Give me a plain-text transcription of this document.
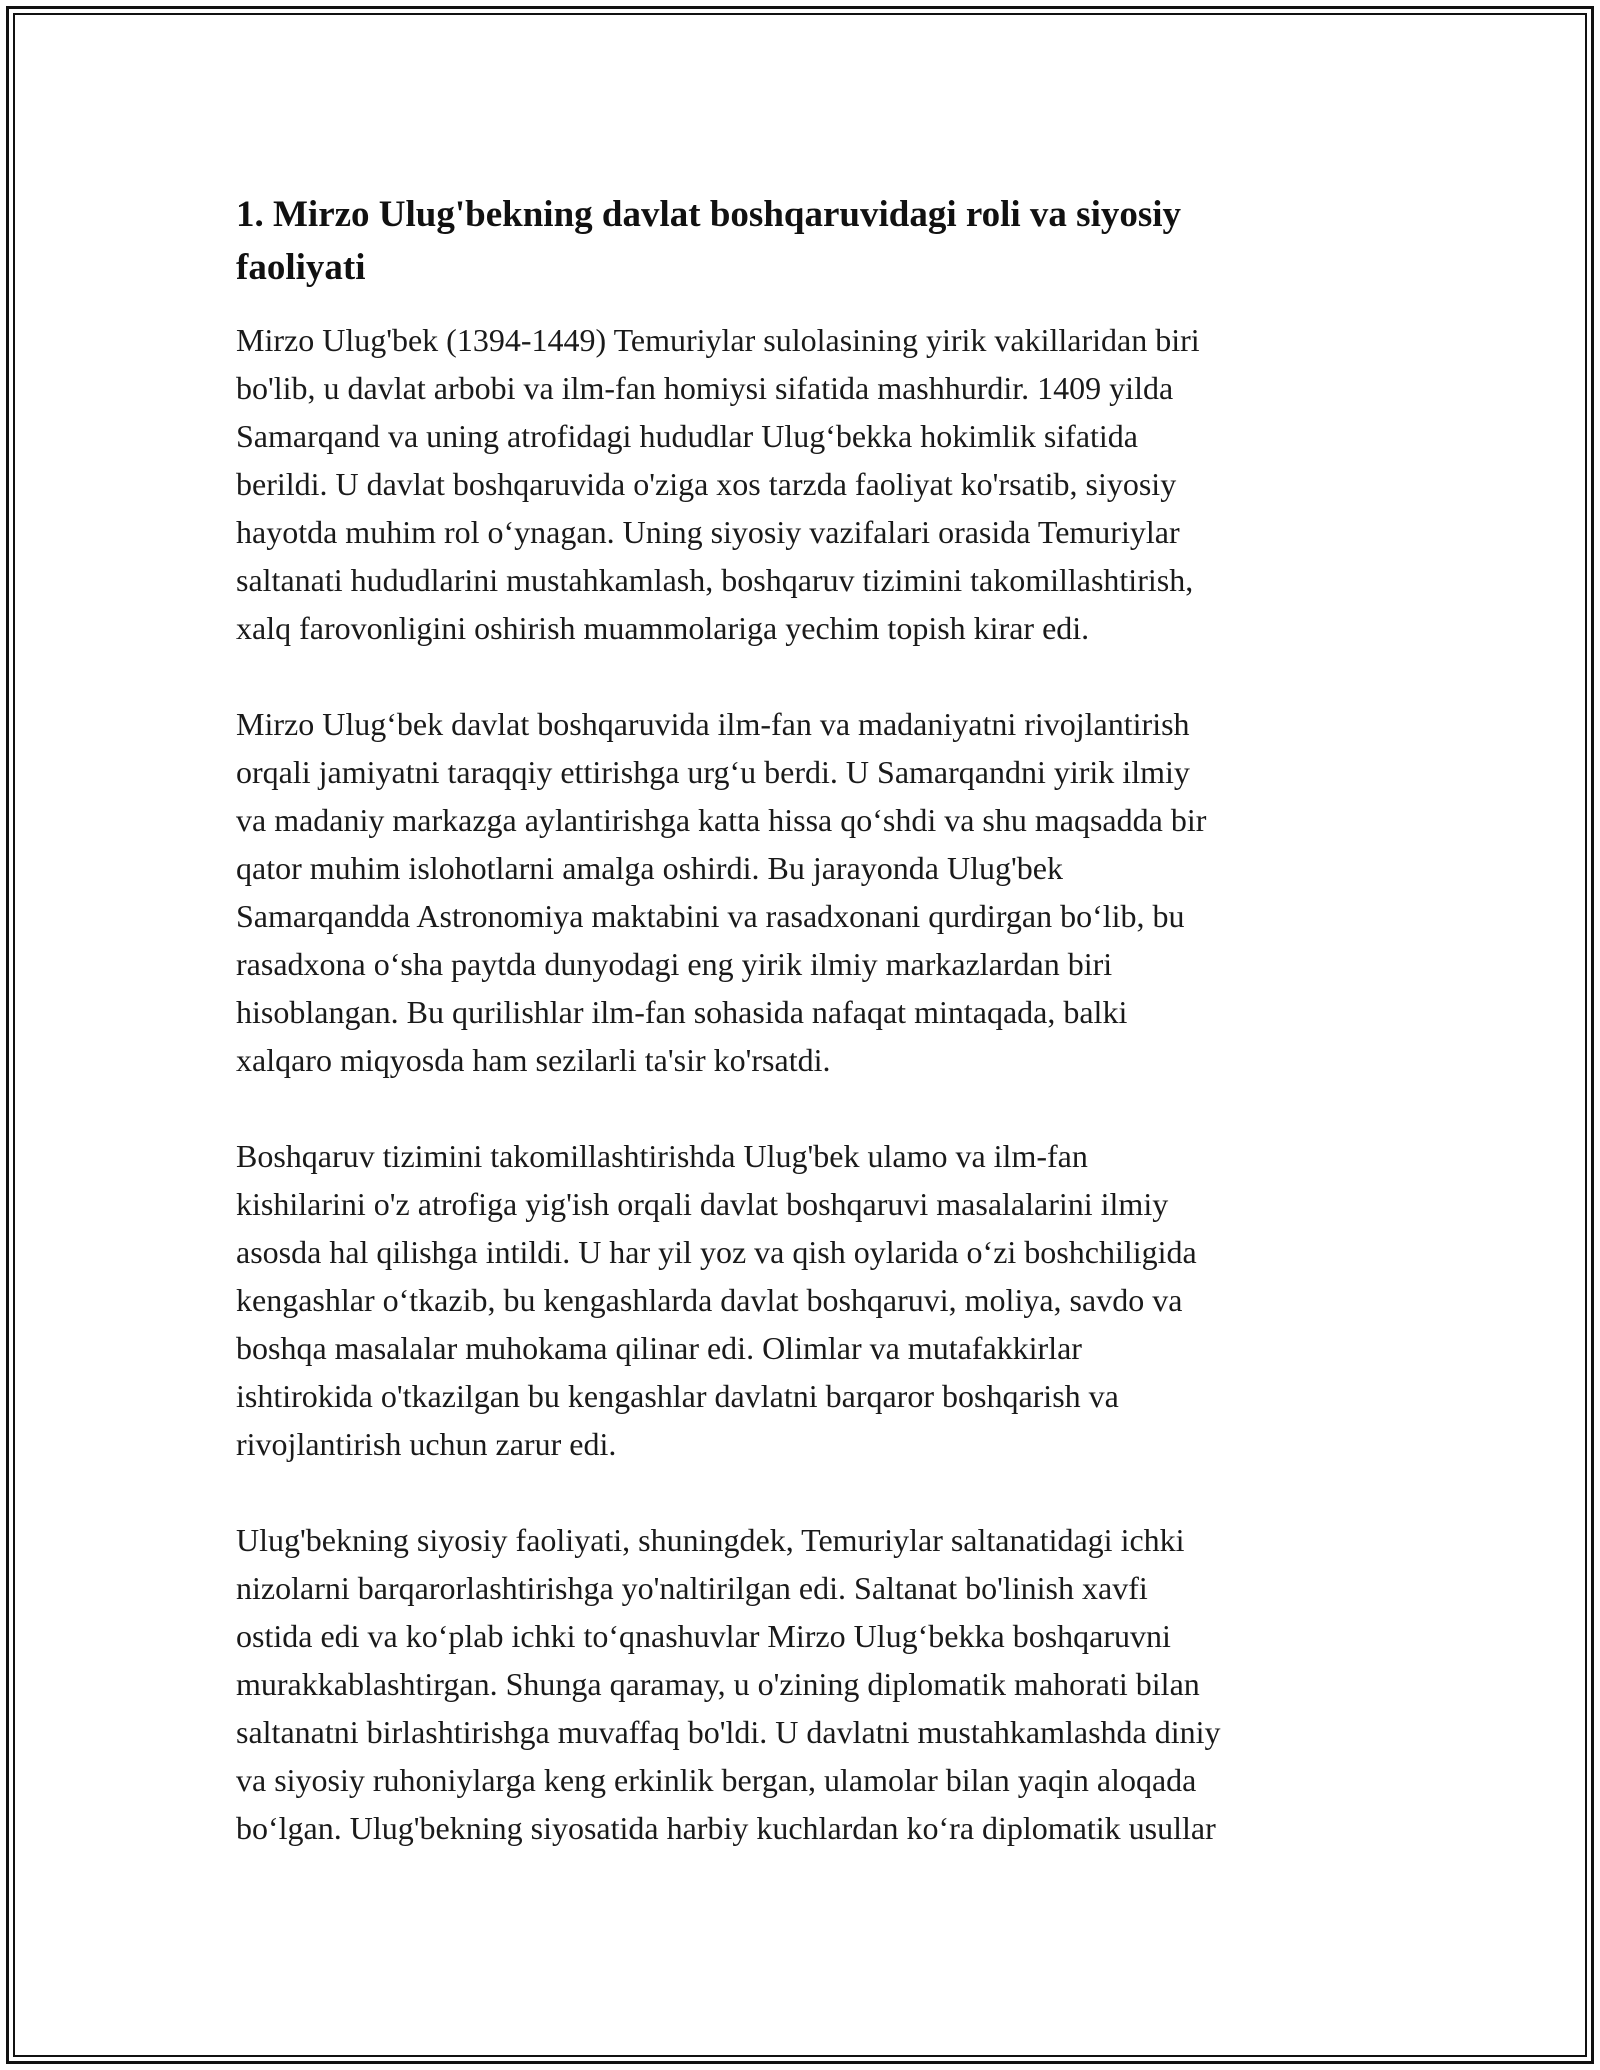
1. Mirzo Ulug'bekning davlat boshqaruvidagi roli va siyosiy
faoliyati

Mirzo Ulug'bek (1394-1449) Temuriylar sulolasining yirik vakillaridan biri
bo'lib, u davlat arbobi va ilm-fan homiysi sifatida mashhurdir. 1409 yilda
Samarqand va uning atrofidagi hududlar Ulug‘bekka hokimlik sifatida
berildi. U davlat boshqaruvida o'ziga xos tarzda faoliyat ko'rsatib, siyosiy
hayotda muhim rol o‘ynagan. Uning siyosiy vazifalari orasida Temuriylar
saltanati hududlarini mustahkamlash, boshqaruv tizimini takomillashtirish,
xalq farovonligini oshirish muammolariga yechim topish kirar edi.

Mirzo Ulug‘bek davlat boshqaruvida ilm-fan va madaniyatni rivojlantirish
orqali jamiyatni taraqqiy ettirishga urg‘u berdi. U Samarqandni yirik ilmiy
va madaniy markazga aylantirishga katta hissa qo‘shdi va shu maqsadda bir
qator muhim islohotlarni amalga oshirdi. Bu jarayonda Ulug'bek
Samarqandda Astronomiya maktabini va rasadxonani qurdirgan bo‘lib, bu
rasadxona o‘sha paytda dunyodagi eng yirik ilmiy markazlardan biri
hisoblangan. Bu qurilishlar ilm-fan sohasida nafaqat mintaqada, balki
xalqaro miqyosda ham sezilarli ta'sir ko'rsatdi.

Boshqaruv tizimini takomillashtirishda Ulug'bek ulamo va ilm-fan
kishilarini o'z atrofiga yig'ish orqali davlat boshqaruvi masalalarini ilmiy
asosda hal qilishga intildi. U har yil yoz va qish oylarida o‘zi boshchiligida
kengashlar o‘tkazib, bu kengashlarda davlat boshqaruvi, moliya, savdo va
boshqa masalalar muhokama qilinar edi. Olimlar va mutafakkirlar
ishtirokida o'tkazilgan bu kengashlar davlatni barqaror boshqarish va
rivojlantirish uchun zarur edi.

Ulug'bekning siyosiy faoliyati, shuningdek, Temuriylar saltanatidagi ichki
nizolarni barqarorlashtirishga yo'naltirilgan edi. Saltanat bo'linish xavfi
ostida edi va ko‘plab ichki to‘qnashuvlar Mirzo Ulug‘bekka boshqaruvni
murakkablashtirgan. Shunga qaramay, u o'zining diplomatik mahorati bilan
saltanatni birlashtirishga muvaffaq bo'ldi. U davlatni mustahkamlashda diniy
va siyosiy ruhoniylarga keng erkinlik bergan, ulamolar bilan yaqin aloqada
bo‘lgan. Ulug'bekning siyosatida harbiy kuchlardan ko‘ra diplomatik usullar
